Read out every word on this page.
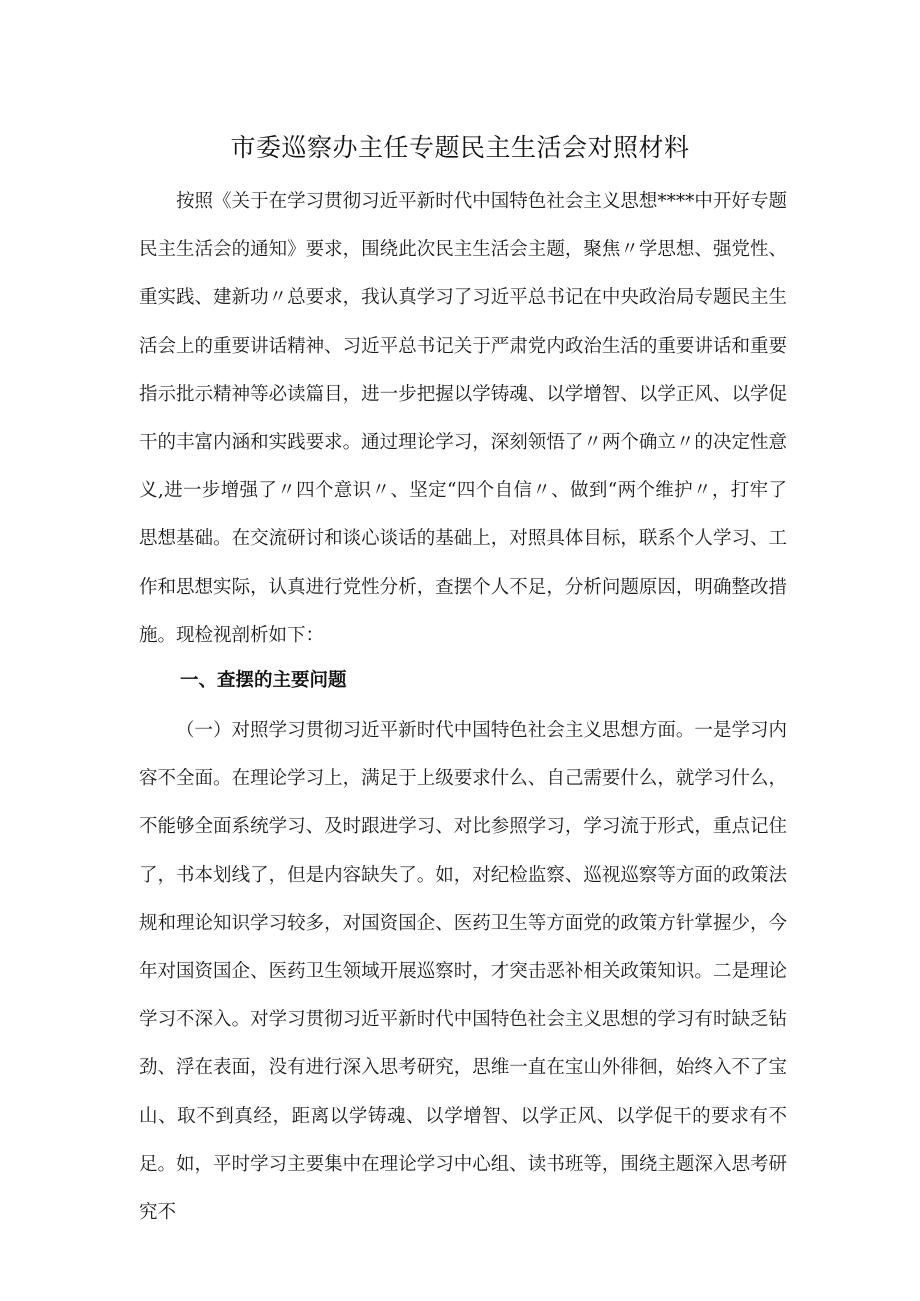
市委巡察办主任专题民主生活会对照材料

按照《关于在学习贯彻习近平新时代中国特色社会主义思想****中开好专题民主生活会的通知》要求，围绕此次民主生活会主题，聚焦〃学思想、强党性、重实践、建新功〃总要求，我认真学习了习近平总书记在中央政治局专题民主生活会上的重要讲话精神、习近平总书记关于严肃党内政治生活的重要讲话和重要指示批示精神等必读篇目，进一步把握以学铸魂、以学增智、以学正风、以学促干的丰富内涵和实践要求。通过理论学习，深刻领悟了〃两个确立〃的决定性意义,进一步增强了〃四个意识〃、坚定“四个自信〃、做到“两个维护〃，打牢了思想基础。在交流研讨和谈心谈话的基础上，对照具体目标，联系个人学习、工作和思想实际，认真进行党性分析，查摆个人不足，分析问题原因，明确整改措施。现检视剖析如下：

一、查摆的主要问题

（一）对照学习贯彻习近平新时代中国特色社会主义思想方面。一是学习内容不全面。在理论学习上，满足于上级要求什么、自己需要什么，就学习什么，不能够全面系统学习、及时跟进学习、对比参照学习，学习流于形式，重点记住了，书本划线了，但是内容缺失了。如，对纪检监察、巡视巡察等方面的政策法规和理论知识学习较多，对国资国企、医药卫生等方面党的政策方针掌握少，今年对国资国企、医药卫生领域开展巡察时，才突击恶补相关政策知识。二是理论学习不深入。对学习贯彻习近平新时代中国特色社会主义思想的学习有时缺乏钻劲、浮在表面，没有进行深入思考研究，思维一直在宝山外徘徊，始终入不了宝山、取不到真经，距离以学铸魂、以学增智、以学正风、以学促干的要求有不足。如，平时学习主要集中在理论学习中心组、读书班等，围绕主题深入思考研究不
